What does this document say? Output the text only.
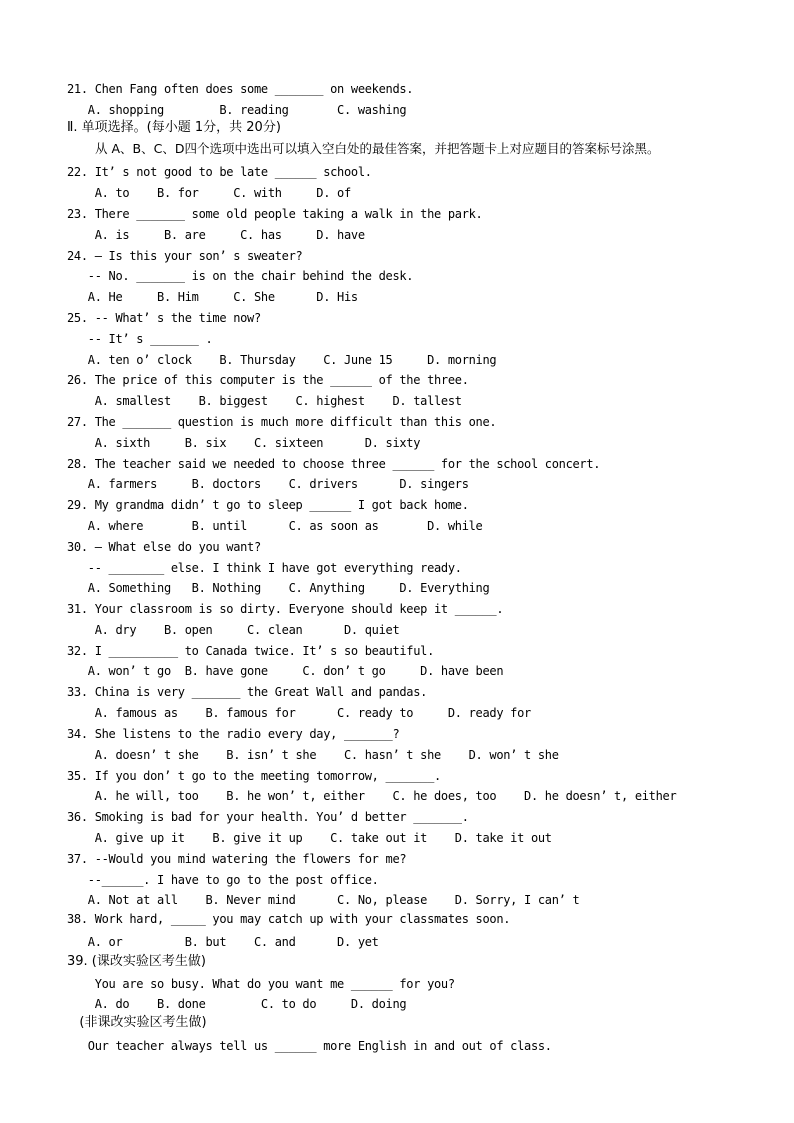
21. Chen Fang often does some _______ on weekends.
A. shopping        B. reading       C. washing
Ⅱ. 单项选择。(每小题 1分，共 20分)
从 A、B、C、D四个选项中选出可以填入空白处的最佳答案，并把答题卡上对应题目的答案标号涂黑。
22. It’ s not good to be late ______ school.
A. to    B. for     C. with     D. of
23. There _______ some old people taking a walk in the park.
A. is     B. are     C. has     D. have
24. – Is this your son’ s sweater?
-- No. _______ is on the chair behind the desk.
A. He     B. Him     C. She      D. His
25. -- What’ s the time now?
-- It’ s _______ .
A. ten o’ clock    B. Thursday    C. June 15     D. morning
26. The price of this computer is the ______ of the three.
A. smallest    B. biggest    C. highest    D. tallest
27. The _______ question is much more difficult than this one.
A. sixth     B. six    C. sixteen      D. sixty
28. The teacher said we needed to choose three ______ for the school concert.
A. farmers     B. doctors    C. drivers      D. singers
29. My grandma didn’ t go to sleep ______ I got back home.
A. where       B. until      C. as soon as       D. while
30. – What else do you want?
-- ________ else. I think I have got everything ready.
A. Something   B. Nothing    C. Anything     D. Everything
31. Your classroom is so dirty. Everyone should keep it ______.
A. dry    B. open     C. clean      D. quiet
32. I __________ to Canada twice. It’ s so beautiful.
A. won’ t go  B. have gone     C. don’ t go     D. have been
33. China is very _______ the Great Wall and pandas.
A. famous as    B. famous for      C. ready to     D. ready for
34. She listens to the radio every day, _______?
A. doesn’ t she    B. isn’ t she    C. hasn’ t she    D. won’ t she
35. If you don’ t go to the meeting tomorrow, _______.
A. he will, too    B. he won’ t, either    C. he does, too    D. he doesn’ t, either
36. Smoking is bad for your health. You’ d better _______.
A. give up it    B. give it up    C. take out it    D. take it out
37. --Would you mind watering the flowers for me?
--______. I have to go to the post office.
A. Not at all    B. Never mind      C. No, please    D. Sorry, I can’ t
38. Work hard, _____ you may catch up with your classmates soon.
A. or         B. but    C. and      D. yet
39. (课改实验区考生做)
You are so busy. What do you want me ______ for you?
A. do    B. done        C. to do     D. doing
(非课改实验区考生做)
Our teacher always tell us ______ more English in and out of class.
